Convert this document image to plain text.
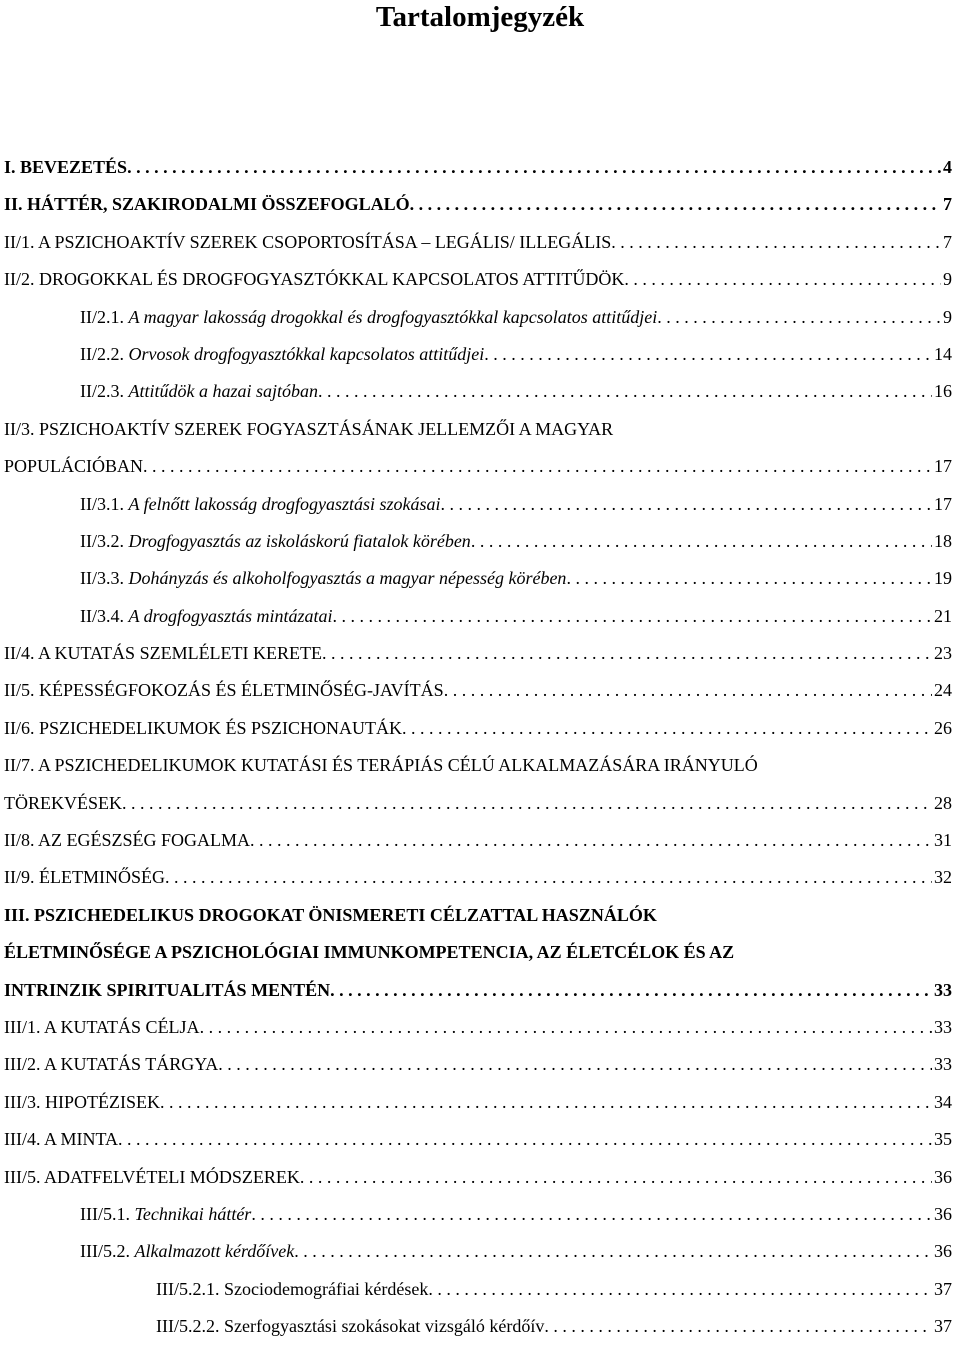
Tartalomjegyzék
I. BEVEZETÉS . . .	4
II. HÁTTÉR, SZAKIRODALMI ÖSSZEFOGLALÓ . . .	7
II/1. A PSZICHOAKTÍV SZEREK CSOPORTOSÍTÁSA – LEGÁLIS/ ILLEGÁLIS . . .	7
II/2. DROGOKKAL ÉS DROGFOGYASZTÓKKAL KAPCSOLATOS ATTITŰDÖK . . .	9
II/2.1. A magyar lakosság drogokkal és drogfogyasztókkal kapcsolatos attitűdjei . . .	9
II/2.2. Orvosok drogfogyasztókkal kapcsolatos attitűdjei . . .	14
II/2.3. Attitűdök a hazai sajtóban . . .	16
II/3. PSZICHOAKTÍV SZEREK FOGYASZTÁSÁNAK JELLEMZŐI A MAGYAR
POPULÁCIÓBAN . . .	17
II/3.1. A felnőtt lakosság drogfogyasztási szokásai . . .	17
II/3.2. Drogfogyasztás az iskoláskorú fiatalok körében . . .	18
II/3.3. Dohányzás és alkoholfogyasztás a magyar népesség körében . . .	19
II/3.4. A drogfogyasztás mintázatai . . .	21
II/4. A KUTATÁS SZEMLÉLETI KERETE . . .	23
II/5. KÉPESSÉGFOKOZÁS ÉS ÉLETMINŐSÉG-JAVÍTÁS . . .	24
II/6. PSZICHEDELIKUMOK ÉS PSZICHONAUTÁK . . .	26
II/7. A PSZICHEDELIKUMOK KUTATÁSI ÉS TERÁPIÁS CÉLÚ ALKALMAZÁSÁRA IRÁNYULÓ
TÖREKVÉSEK . . .	28
II/8. AZ EGÉSZSÉG FOGALMA . . .	31
II/9. ÉLETMINŐSÉG . . .	32
III. PSZICHEDELIKUS DROGOKAT ÖNISMERETI CÉLZATTAL HASZNÁLÓK
ÉLETMINŐSÉGE A PSZICHOLÓGIAI IMMUNKOMPETENCIA, AZ ÉLETCÉLOK ÉS AZ
INTRINZIK SPIRITUALITÁS MENTÉN . . .	33
III/1. A KUTATÁS CÉLJA . . .	33
III/2. A KUTATÁS TÁRGYA . . .	33
III/3. HIPOTÉZISEK . . .	34
III/4. A MINTA . . .	35
III/5. ADATFELVÉTELI MÓDSZEREK . . .	36
III/5.1. Technikai háttér . . .	36
III/5.2. Alkalmazott kérdőívek . . .	36
III/5.2.1. Szociodemográfiai kérdések . . .	37
III/5.2.2. Szerfogyasztási szokásokat vizsgáló kérdőív . . .	37
